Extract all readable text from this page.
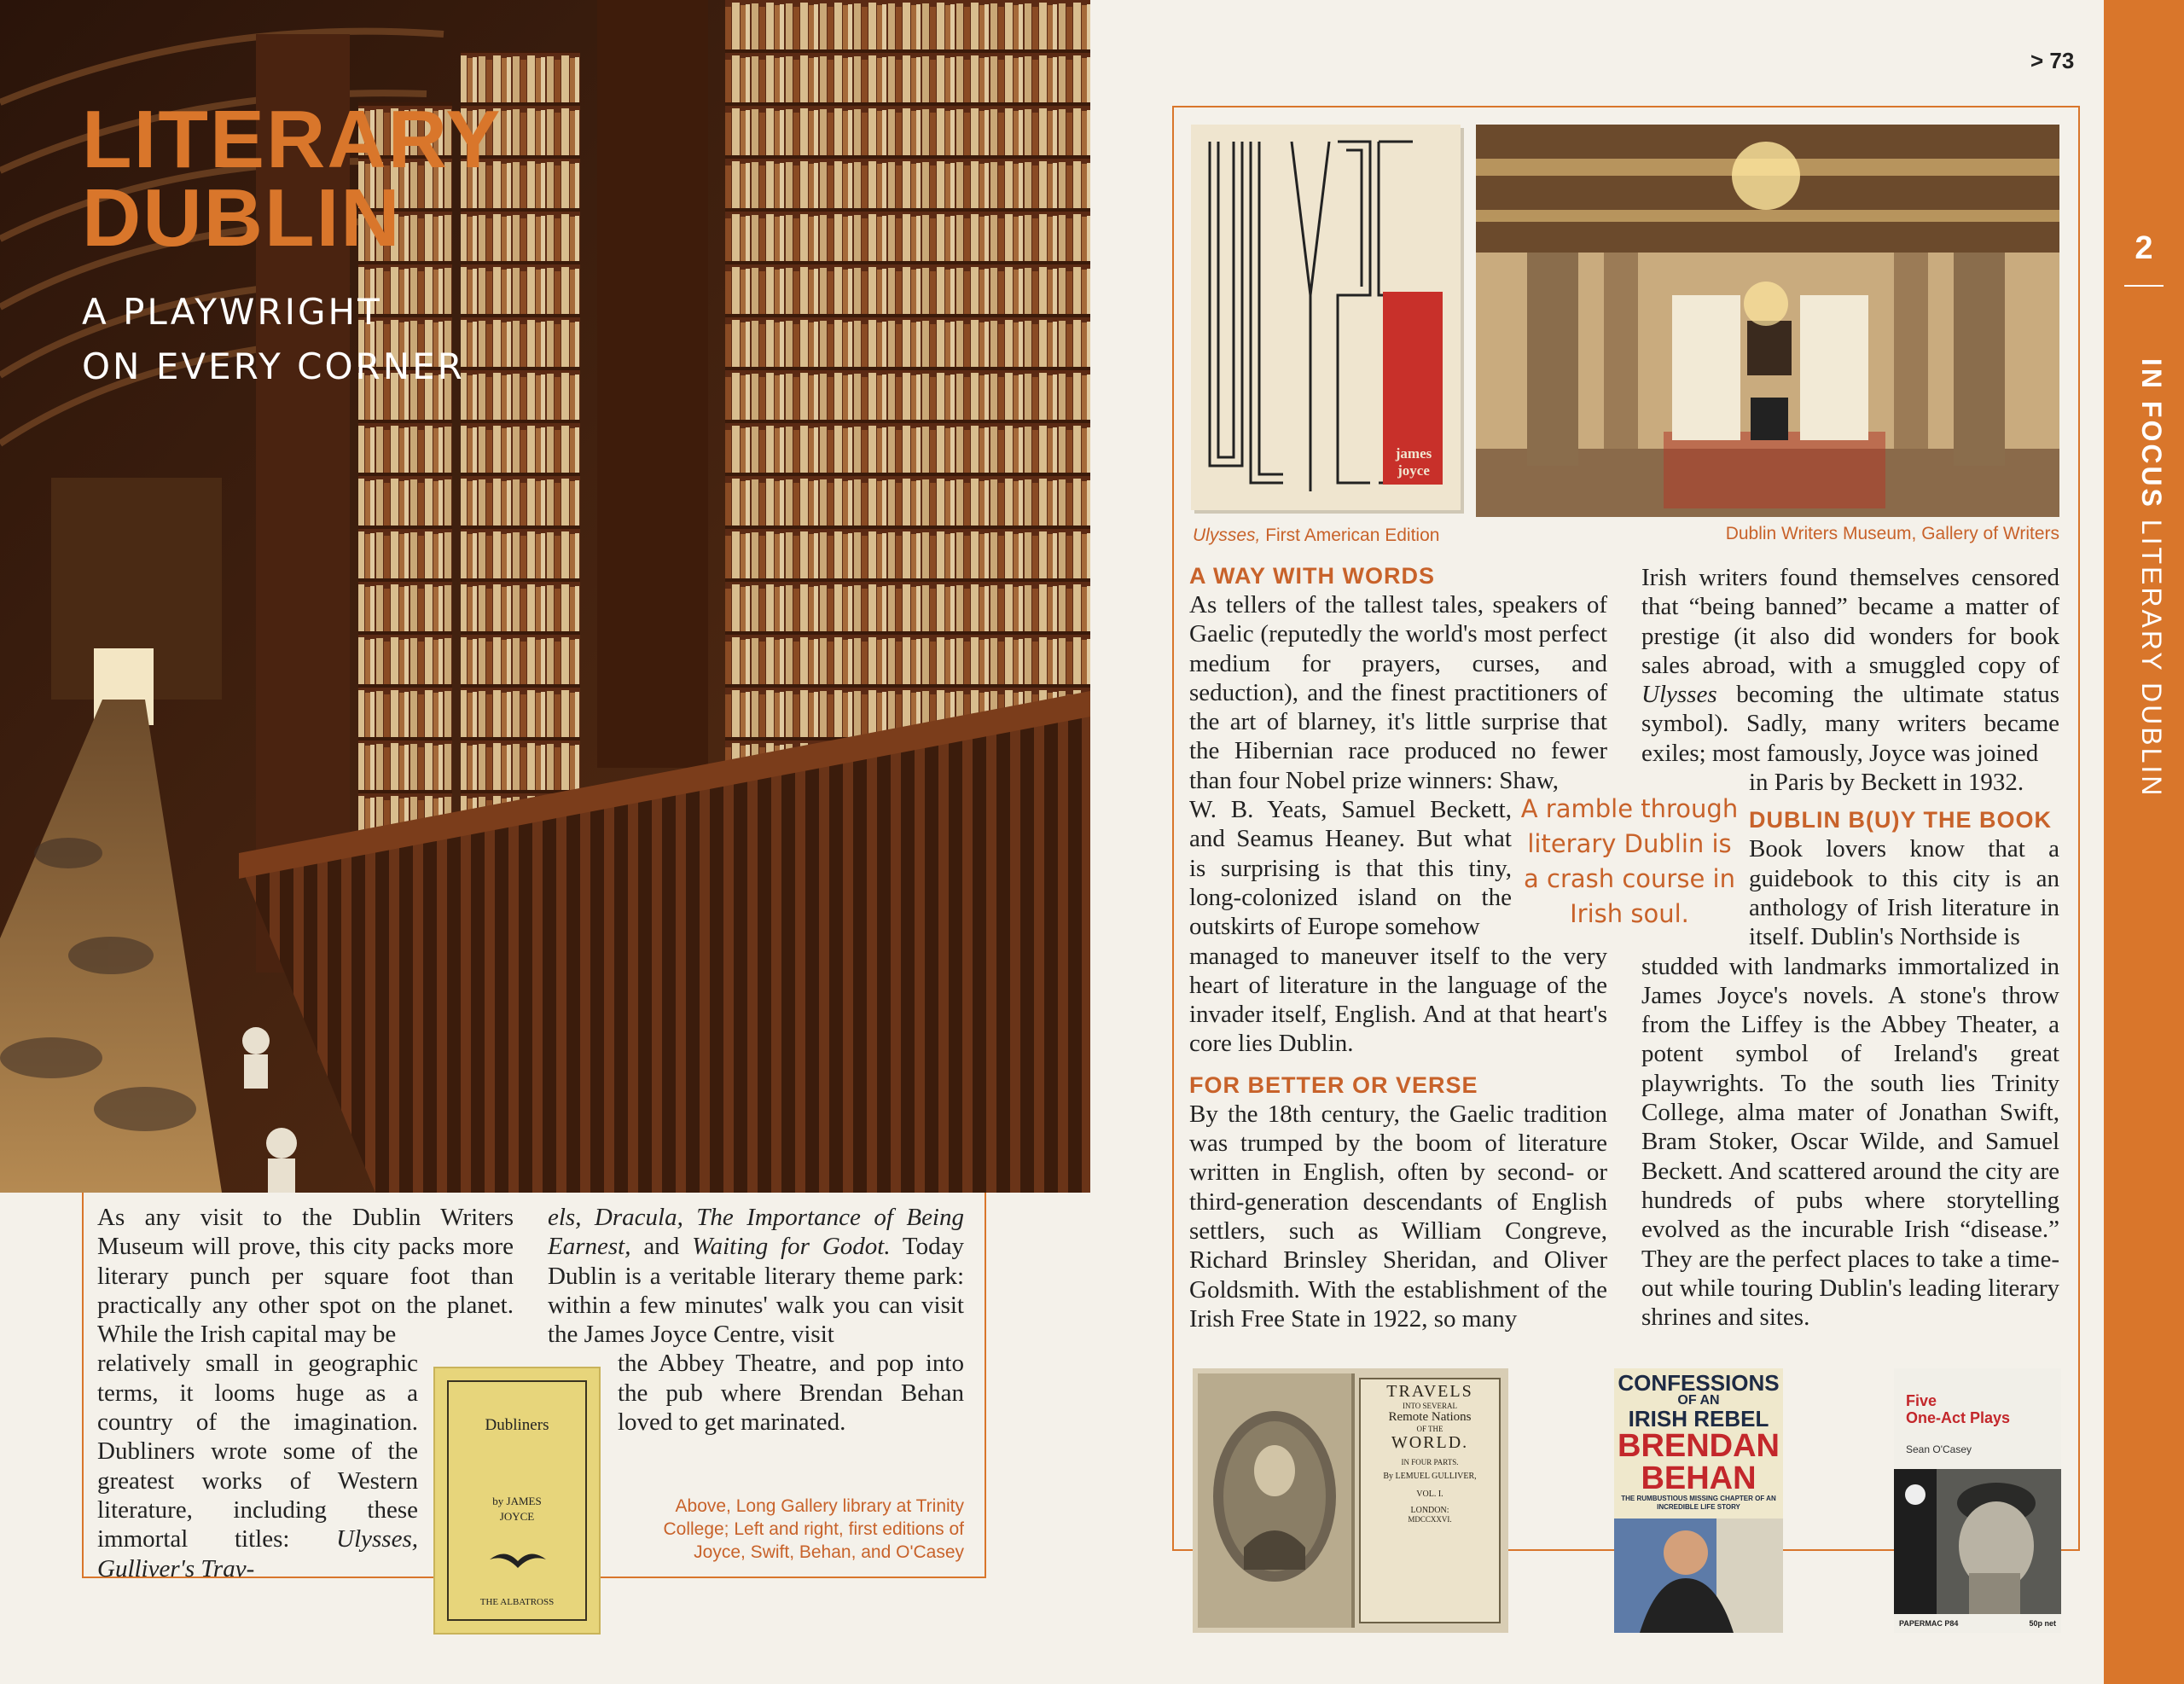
LITERARY
DUBLIN
A PLAYWRIGHT
ON EVERY CORNER

As any visit to the Dublin Writers Museum will prove, this city packs more literary punch per square foot than practically any other spot on the planet. While the Irish capital may be

relatively small in geographic terms, it looms huge as a country of the imagination. Dubliners wrote some of the greatest works of Western literature, including these immortal titles: Ulysses, Gulliver's Trav-

els, Dracula, The Importance of Being Earnest, and Waiting for Godot. Today Dublin is a veritable literary theme park: within a few minutes' walk you can visit the James Joyce Centre, visit

the Abbey Theatre, and pop into the pub where Brendan Behan loved to get marinated.

Above, Long Gallery library at Trinity College; Left and right, first editions of Joyce, Swift, Behan, and O'Casey
Dubliners
by JAMES
JOYCE
THE ALBATROSS
> 73
2
IN FOCUS LITERARY DUBLIN
james
joyce
Ulysses, First American Edition	Dublin Writers Museum, Gallery of Writers
A WAY WITH WORDS

As tellers of the tallest tales, speakers of Gaelic (reputedly the world's most perfect medium for prayers, curses, and seduction), and the finest practitioners of the art of blarney, it's little surprise that the Hibernian race produced no fewer than four Nobel prize winners: Shaw,

W. B. Yeats, Samuel Beckett, and Seamus Heaney. But what is surprising is that this tiny, long-colonized island on the outskirts of Europe somehow

managed to maneuver itself to the very heart of literature in the language of the invader itself, English. And at that heart's core lies Dublin.

FOR BETTER OR VERSE

By the 18th century, the Gaelic tradition was trumped by the boom of literature written in English, often by second- or third-generation descendants of English settlers, such as William Congreve, Richard Brinsley Sheridan, and Oliver Goldsmith. With the establishment of the Irish Free State in 1922, so many

A ramble through literary Dublin is a crash course in Irish soul.

Irish writers found themselves censored that “being banned” became a matter of prestige (it also did wonders for book sales abroad, with a smuggled copy of Ulysses becoming the ultimate status symbol). Sadly, many writers became exiles; most famously, Joyce was joined

in Paris by Beckett in 1932.

DUBLIN B(U)Y THE BOOK

Book lovers know that a guidebook to this city is an anthology of Irish literature in itself. Dublin's Northside is

studded with landmarks immortalized in James Joyce's novels. A stone's throw from the Liffey is the Abbey Theater, a potent symbol of Ireland's great playwrights. To the south lies Trinity College, alma mater of Jonathan Swift, Bram Stoker, Oscar Wilde, and Samuel Beckett. And scattered around the city are hundreds of pubs where storytelling evolved as the incurable Irish “disease.” They are the perfect places to take a time-out while touring Dublin's leading literary shrines and sites.

TRAVELS
INTO SEVERAL
Remote Nations
OF THE
WORLD.
IN FOUR PARTS.
By LEMUEL GULLIVER,
VOL. I.
LONDON:
MDCCXXVI.
CONFESSIONS
OF AN
IRISH REBEL
BRENDAN
BEHAN
THE RUMBUSTIOUS MISSING CHAPTER OF AN INCREDIBLE LIFE STORY
Five
One-Act Plays
Sean O'Casey
PAPERMAC P84	50p net
